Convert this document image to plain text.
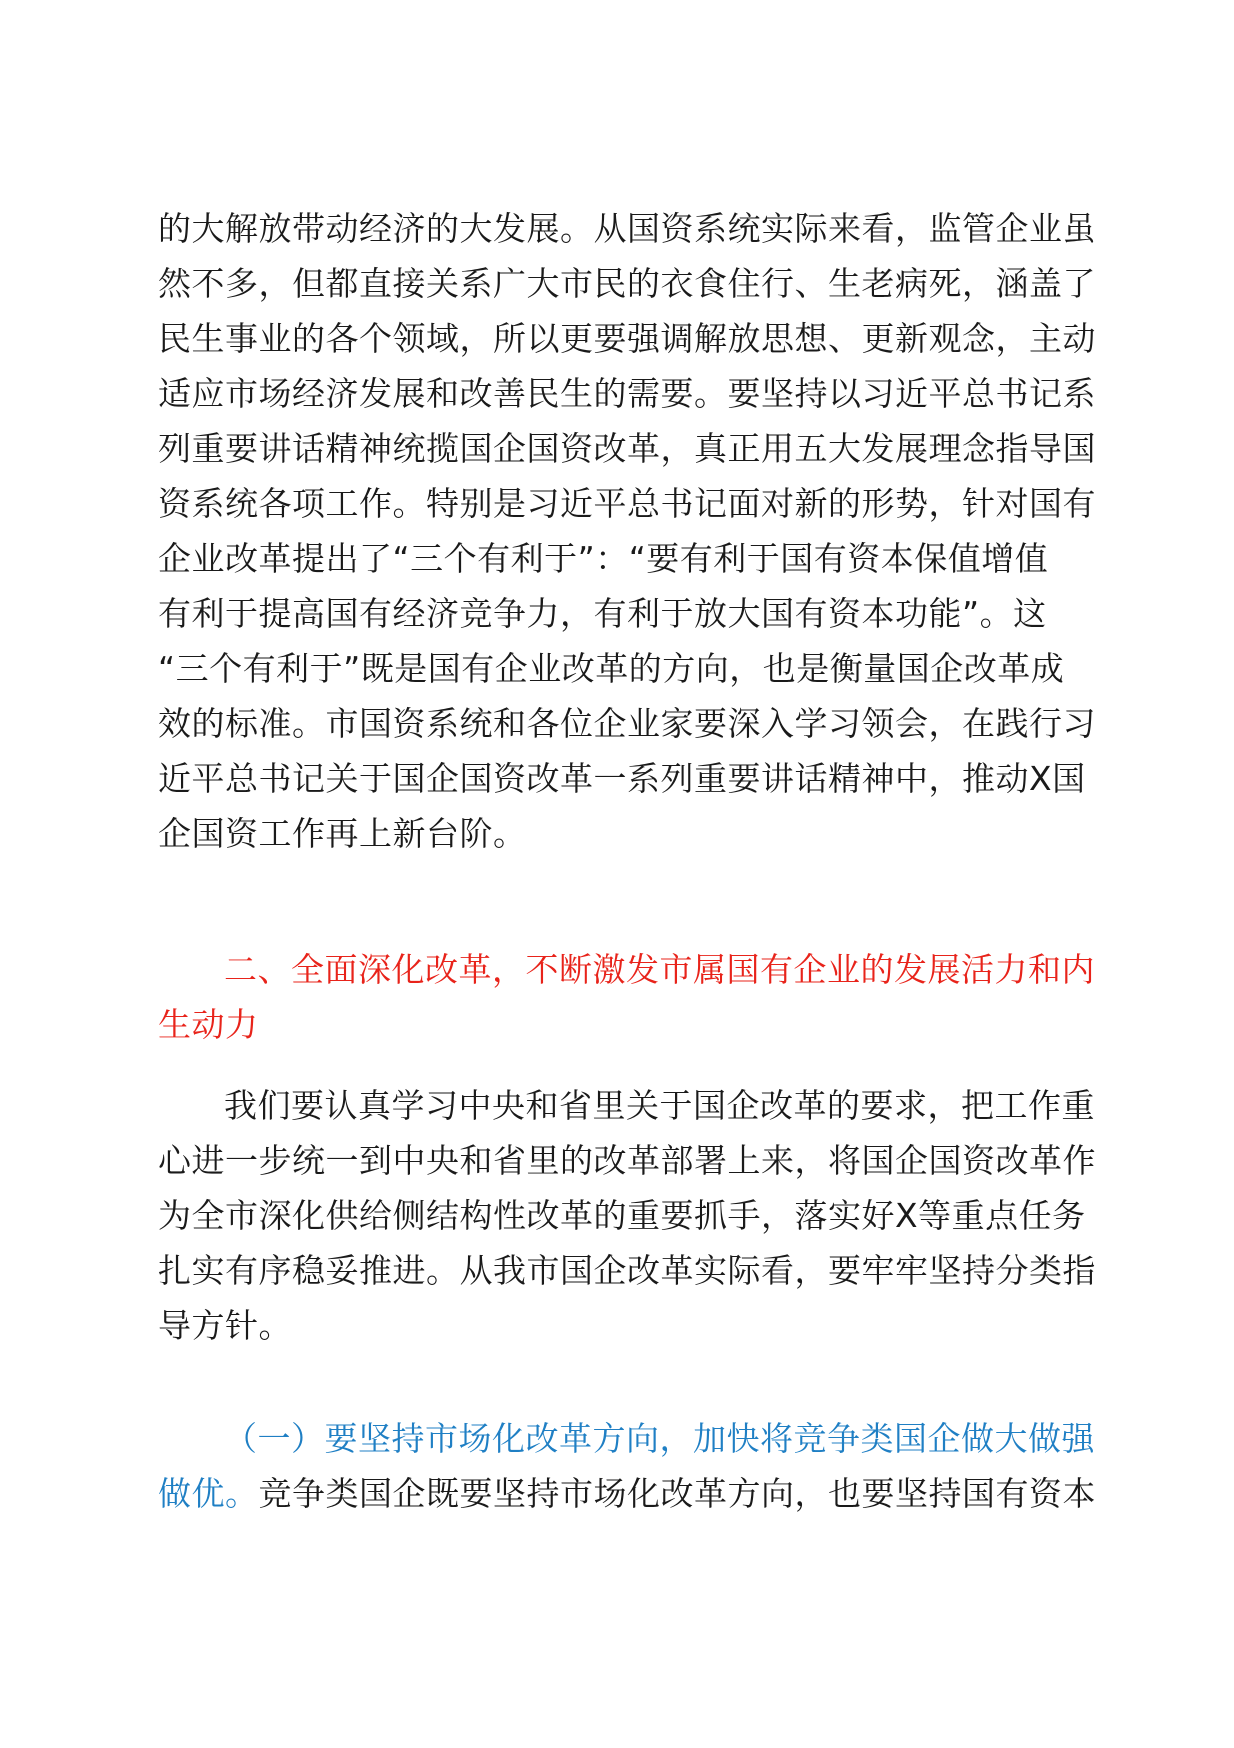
的大解放带动经济的大发展。从国资系统实际来看，监管企业虽
然不多，但都直接关系广大市民的衣食住行、生老病死，涵盖了
民生事业的各个领域，所以更要强调解放思想、更新观念，主动
适应市场经济发展和改善民生的需要。要坚持以习近平总书记系
列重要讲话精神统揽国企国资改革，真正用五大发展理念指导国
资系统各项工作。特别是习近平总书记面对新的形势，针对国有
企业改革提出了“三个有利于”：“要有利于国有资本保值增值
有利于提高国有经济竞争力，有利于放大国有资本功能”。这
“三个有利于”既是国有企业改革的方向，也是衡量国企改革成
效的标准。市国资系统和各位企业家要深入学习领会，在践行习
近平总书记关于国企国资改革一系列重要讲话精神中，推动X国
企国资工作再上新台阶。
二、全面深化改革，不断激发市属国有企业的发展活力和内
生动力
我们要认真学习中央和省里关于国企改革的要求，把工作重
心进一步统一到中央和省里的改革部署上来，将国企国资改革作
为全市深化供给侧结构性改革的重要抓手，落实好X等重点任务
扎实有序稳妥推进。从我市国企改革实际看，要牢牢坚持分类指
导方针。
（一）要坚持市场化改革方向，加快将竞争类国企做大做强
做优。竞争类国企既要坚持市场化改革方向，也要坚持国有资本
